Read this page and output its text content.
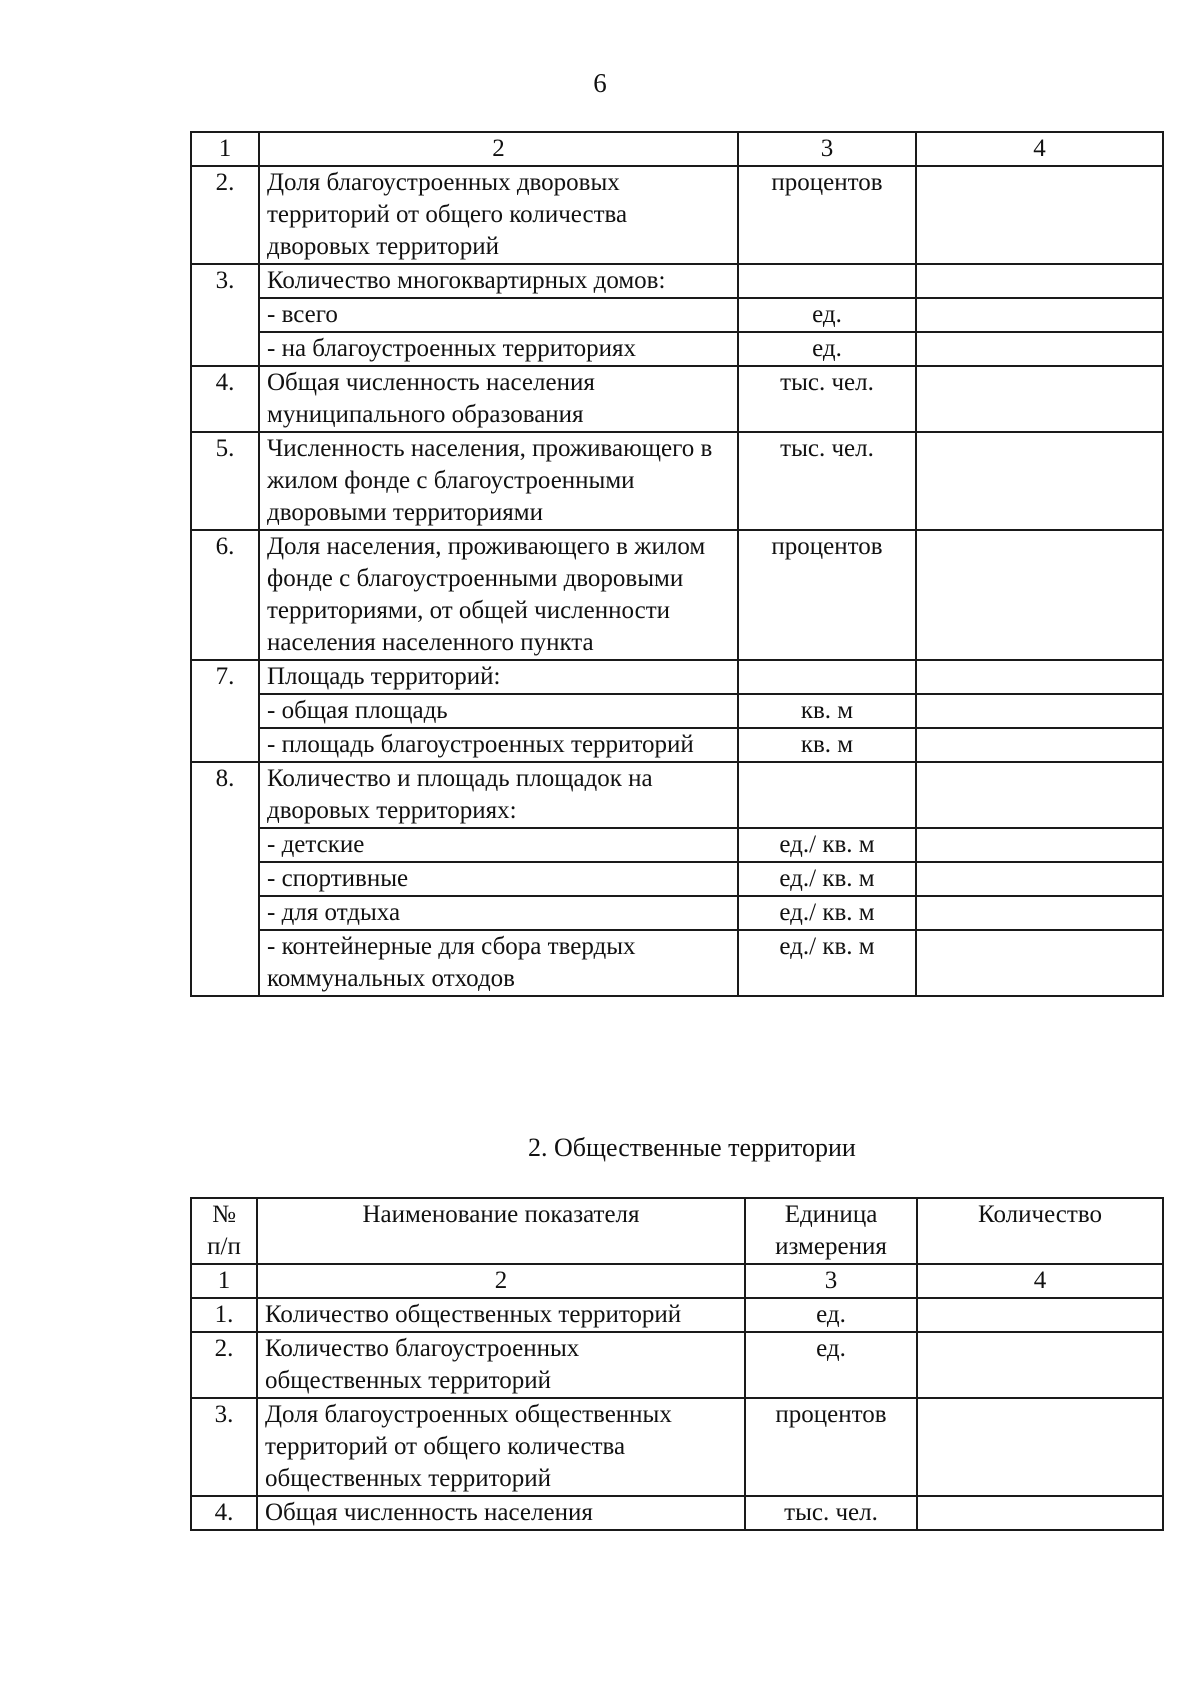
6
1	2	3	4
2.	Доля благоустроенных дворовых территорий от общего количества дворовых территорий	процентов	
3.	Количество многоквартирных домов:		
	- всего	ед.	
	- на благоустроенных территориях	ед.	
4.	Общая численность населения муниципального образования	тыс. чел.	
5.	Численность населения, проживающего в жилом фонде с благоустроенными дворовыми территориями	тыс. чел.	
6.	Доля населения, проживающего в жилом фонде с благоустроенными дворовыми территориями, от общей численности населения населенного пункта	процентов	
7.	Площадь территорий:		
	- общая площадь	кв. м	
	- площадь благоустроенных территорий	кв. м	
8.	Количество и площадь площадок на дворовых территориях:		
	- детские	ед./ кв. м	
	- спортивные	ед./ кв. м	
	- для отдыха	ед./ кв. м	
	- контейнерные для сбора твердых коммунальных отходов	ед./ кв. м	
2. Общественные территории
№ п/п	Наименование показателя	Единица измерения	Количество
1	2	3	4
1.	Количество общественных территорий	ед.	
2.	Количество благоустроенных общественных территорий	ед.	
3.	Доля благоустроенных общественных территорий от общего количества общественных территорий	процентов	
4.	Общая численность населения	тыс. чел.	
